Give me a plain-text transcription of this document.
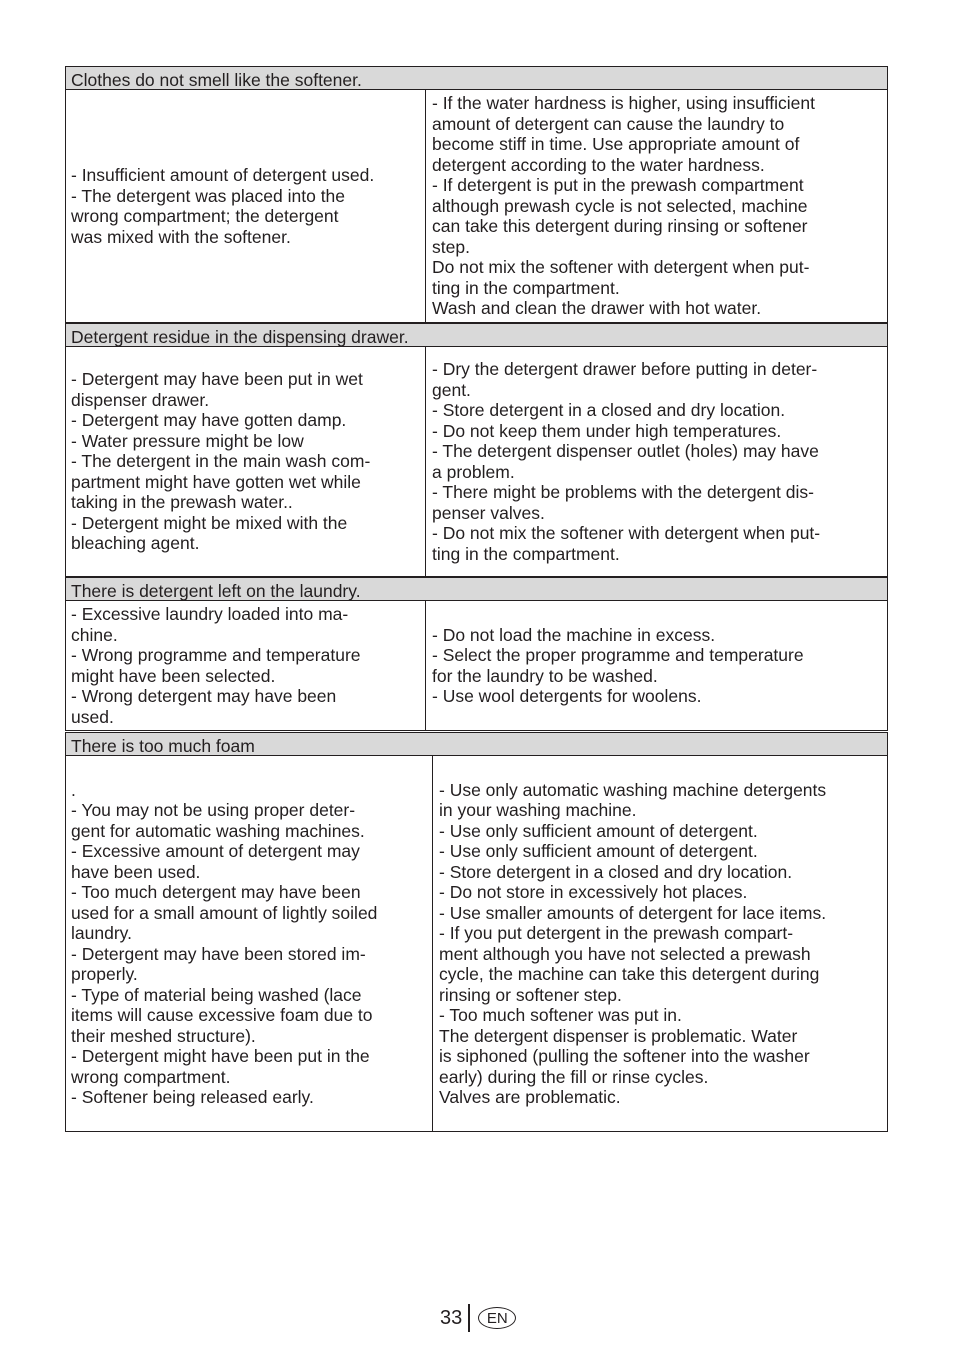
Clothes do not smell like the softener.
- Insufficient amount of detergent used.
- The detergent was placed into the
wrong compartment; the detergent
was mixed with the softener.
- If the water hardness is higher, using insufficient
amount of detergent can cause the laundry to
become stiff in time. Use appropriate amount of
detergent according to the water hardness.
- If detergent is put in the prewash compartment
although prewash cycle is not selected, machine
can take this detergent during rinsing or softener
step.
Do not mix the softener with detergent when put-
ting in the compartment.
Wash and clean the drawer with hot water.
Detergent residue in the dispensing drawer.
- Detergent may have been put in wet
dispenser drawer.
- Detergent may have gotten damp.
- Water pressure might be low
- The detergent in the main wash com-
partment might have gotten wet while
taking in the prewash water..
- Detergent might be mixed with the
bleaching agent.
- Dry the detergent drawer before putting in deter-
gent.
- Store detergent in a closed and dry location.
- Do not keep them under high temperatures.
- The detergent dispenser outlet (holes) may have
a problem.
- There might be problems with the detergent dis-
penser valves.
- Do not mix the softener with detergent when put-
ting in the compartment.
There is detergent left on the laundry.
- Excessive laundry loaded into ma-
chine.
- Wrong programme and temperature
might have been selected.
- Wrong detergent may have been
used.
- Do not load the machine in excess.
- Select the proper programme and temperature
for the laundry to be washed.
- Use wool detergents for woolens.
There is too much foam
.
- You may not be using proper deter-
gent for automatic washing machines.
- Excessive amount of detergent may
have been used.
- Too much detergent may have been
used for a small amount of lightly soiled
laundry.
- Detergent may have been stored im-
properly.
- Type of material being washed (lace
items will cause excessive foam due to
their meshed structure).
- Detergent might have been put in the
wrong compartment.
- Softener being released early.
- Use only automatic washing machine detergents
in your washing machine.
- Use only sufficient amount of detergent.
- Use only sufficient amount of detergent.
- Store detergent in a closed and dry location.
- Do not store in excessively hot places.
- Use smaller amounts of detergent for lace items.
- If you put detergent in the prewash compart-
ment although you have not selected a prewash
cycle, the machine can take this detergent during
rinsing or softener step.
- Too much softener was put in.
The detergent dispenser is problematic. Water
is siphoned (pulling the softener into the washer
early) during the fill or rinse cycles.
Valves are problematic.
33	EN
